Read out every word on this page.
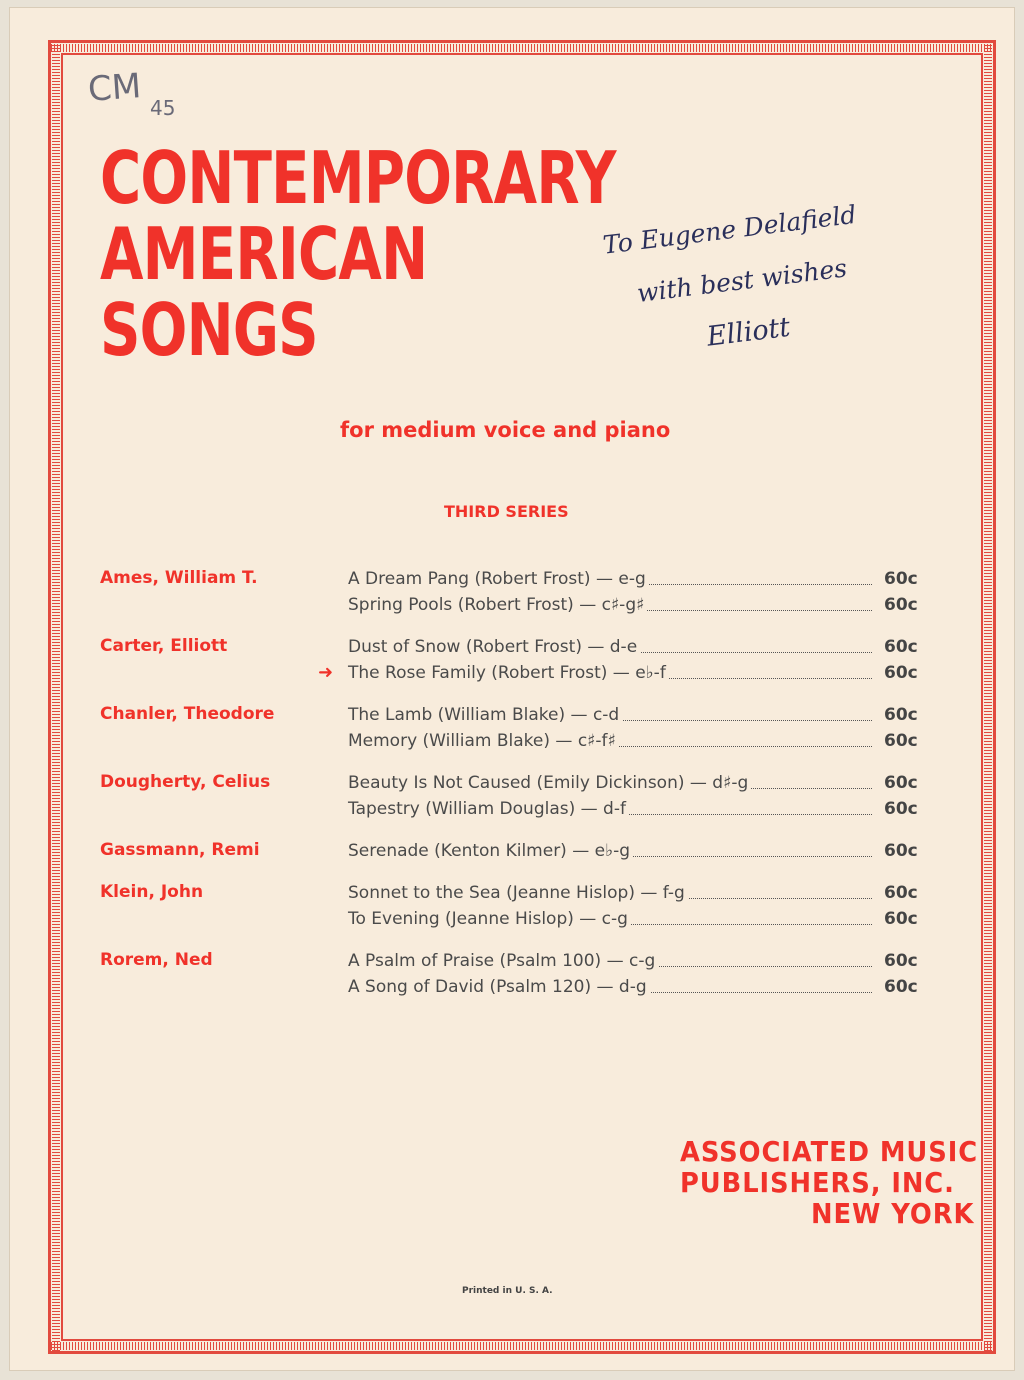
CM 45
CONTEMPORARY
AMERICAN
SONGS
To Eugene Delafield
with best wishes
Elliott
for medium voice and piano
THIRD SERIES
Ames, William T.	A Dream Pang (Robert Frost) — e-g	60c
Spring Pools (Robert Frost) — c♯-g♯	60c
Carter, Elliott	Dust of Snow (Robert Frost) — d-e	60c
➜ The Rose Family (Robert Frost) — e♭-f	60c
Chanler, Theodore	The Lamb (William Blake) — c-d	60c
Memory (William Blake) — c♯-f♯	60c
Dougherty, Celius	Beauty Is Not Caused (Emily Dickinson) — d♯-g	60c
Tapestry (William Douglas) — d-f	60c
Gassmann, Remi	Serenade (Kenton Kilmer) — e♭-g	60c
Klein, John	Sonnet to the Sea (Jeanne Hislop) — f-g	60c
To Evening (Jeanne Hislop) — c-g	60c
Rorem, Ned	A Psalm of Praise (Psalm 100) — c-g	60c
A Song of David (Psalm 120) — d-g	60c
ASSOCIATED MUSIC
PUBLISHERS, INC.
NEW YORK
Printed in U. S. A.
